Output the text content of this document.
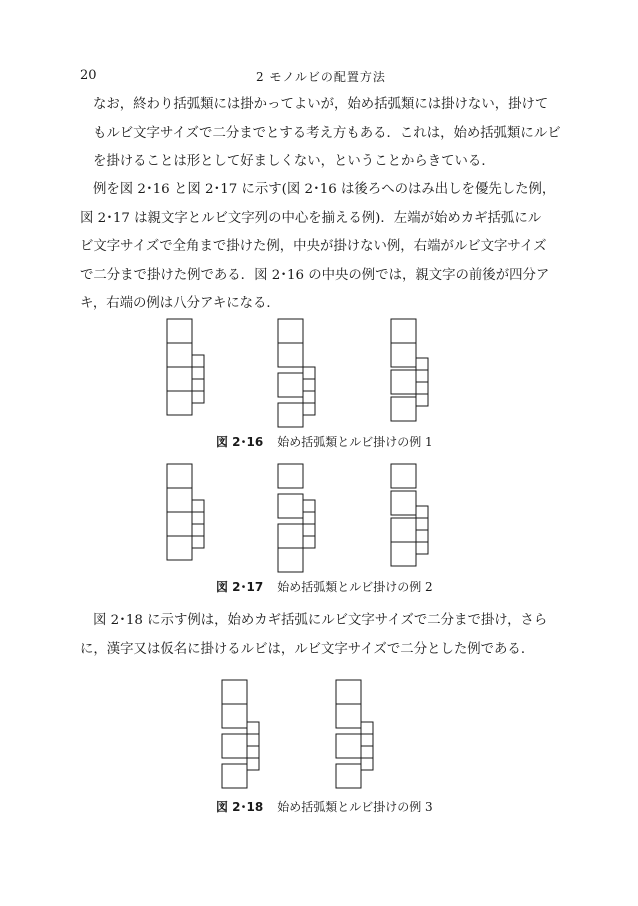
20	2 モノルビの配置方法

なお，終わり括弧類には掛かってよいが，始め括弧類には掛けない，掛けて
もルビ文字サイズで二分までとする考え方もある．これは，始め括弧類にルビ
を掛けることは形として好ましくない，ということからきている．

例を図 2･16 と図 2･17 に示す(図 2･16 は後ろへのはみ出しを優先した例，
図 2･17 は親文字とルビ文字列の中心を揃える例)．左端が始めカギ括弧にル
ビ文字サイズで全角まで掛けた例，中央が掛けない例，右端がルビ文字サイズ
で二分まで掛けた例である．図 2･16 の中央の例では，親文字の前後が四分ア
キ，右端の例は八分アキになる．

図 2･16 始め括弧類とルビ掛けの例 1
図 2･17 始め括弧類とルビ掛けの例 2

図 2･18 に示す例は，始めカギ括弧にルビ文字サイズで二分まで掛け，さら
に，漢字又は仮名に掛けるルビは，ルビ文字サイズで二分とした例である．

図 2･18 始め括弧類とルビ掛けの例 3
